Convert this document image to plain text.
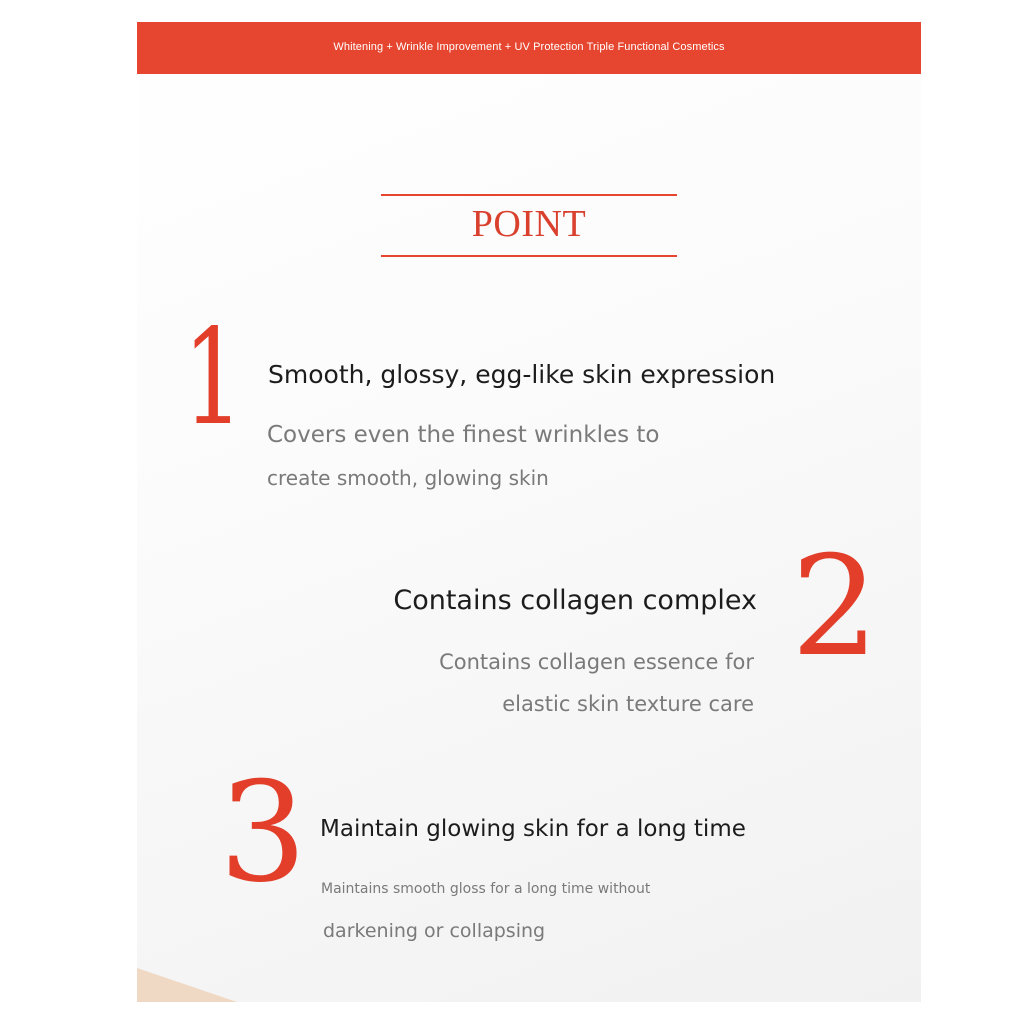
Whitening + Wrinkle Improvement + UV Protection Triple Functional Cosmetics
POINT
1 Smooth, glossy, egg-like skin expression
Covers even the finest wrinkles to
create smooth, glowing skin
2
Contains collagen complex
Contains collagen essence for
elastic skin texture care
3 Maintain glowing skin for a long time
Maintains smooth gloss for a long time without
darkening or collapsing
